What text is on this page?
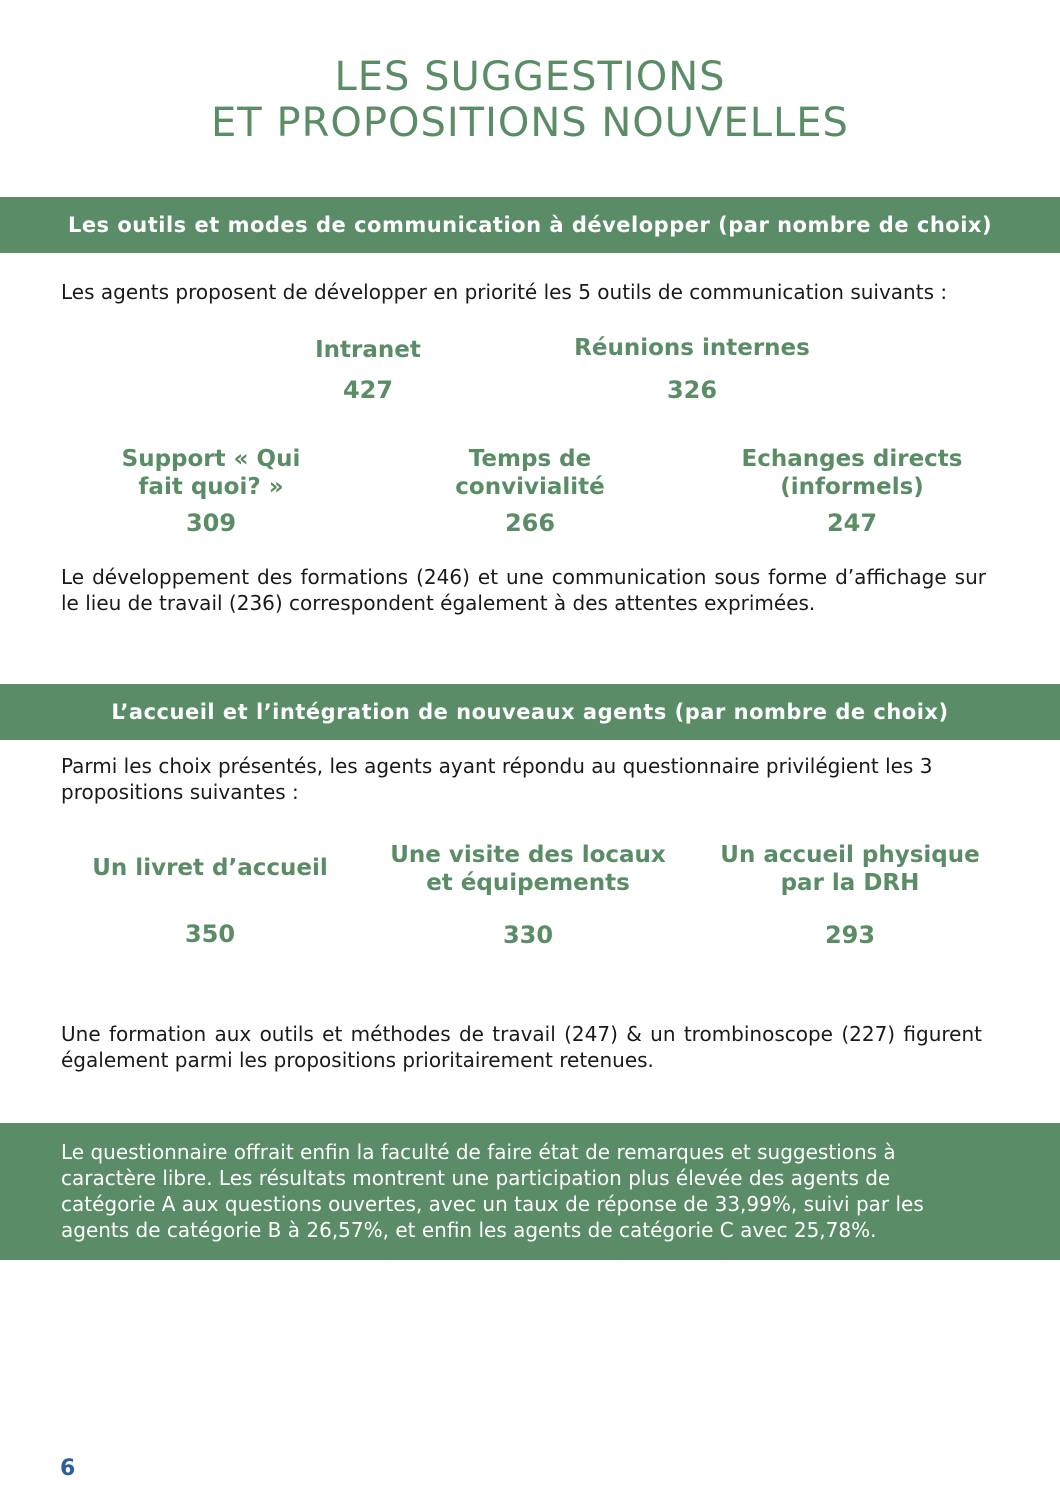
LES SUGGESTIONS
ET PROPOSITIONS NOUVELLES
Les outils et modes de communication à développer (par nombre de choix)

Les agents proposent de développer en priorité les 5 outils de communication suivants :

Intranet
427
Réunions internes
326
Support « Qui fait quoi? »
309
Temps de convivialité
266
Echanges directs (informels)
247

Le développement des formations (246) et une communication sous forme d’affichage sur le lieu de travail (236) correspondent également à des attentes exprimées.

L’accueil et l’intégration de nouveaux agents (par nombre de choix)

Parmi les choix présentés, les agents ayant répondu au questionnaire privilégient les 3 propositions suivantes :

Un livret d’accueil
350
Une visite des locaux et équipements
330
Un accueil physique par la DRH
293

Une formation aux outils et méthodes de travail (247) & un trombinoscope (227) figurent également parmi les propositions prioritairement retenues.

Le questionnaire offrait enfin la faculté de faire état de remarques et suggestions à caractère libre. Les résultats montrent une participation plus élevée des agents de catégorie A aux questions ouvertes, avec un taux de réponse de 33,99%, suivi par les agents de catégorie B à 26,57%, et enfin les agents de catégorie C avec 25,78%.

6
